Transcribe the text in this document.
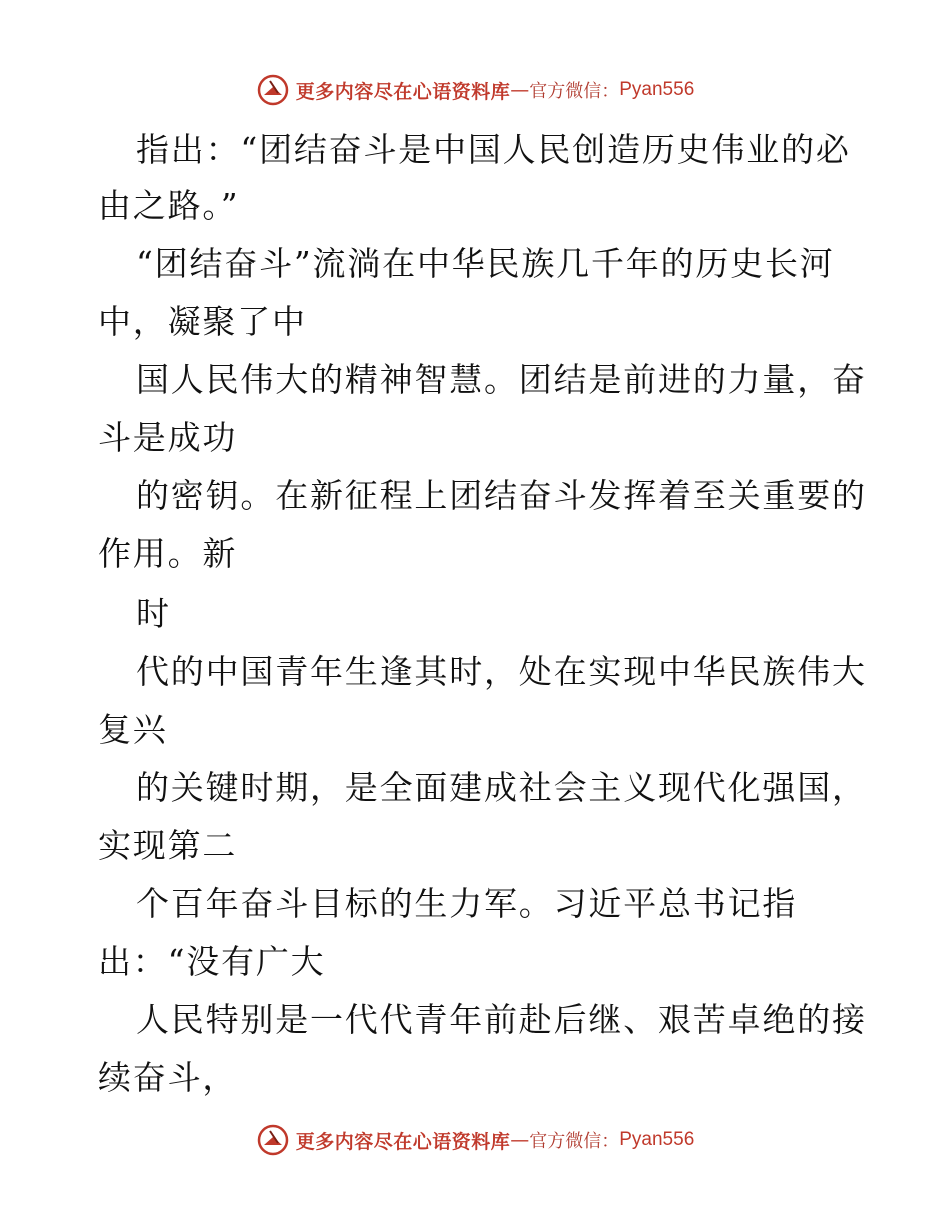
更多内容尽在心语资料库 — 官方微信： Pyan556
指出：“团结奋斗是中国人民创造历史伟业的必
由之路。”
“团结奋斗”流淌在中华民族几千年的历史长河
中，凝聚了中
国人民伟大的精神智慧。团结是前进的力量，奋
斗是成功
的密钥。在新征程上团结奋斗发挥着至关重要的
作用。新
时
代的中国青年生逢其时，处在实现中华民族伟大
复兴
的关键时期，是全面建成社会主义现代化强国，
实现第二
个百年奋斗目标的生力军。习近平总书记指
出：“没有广大
人民特别是一代代青年前赴后继、艰苦卓绝的接
续奋斗，
更多内容尽在心语资料库 — 官方微信： Pyan556
